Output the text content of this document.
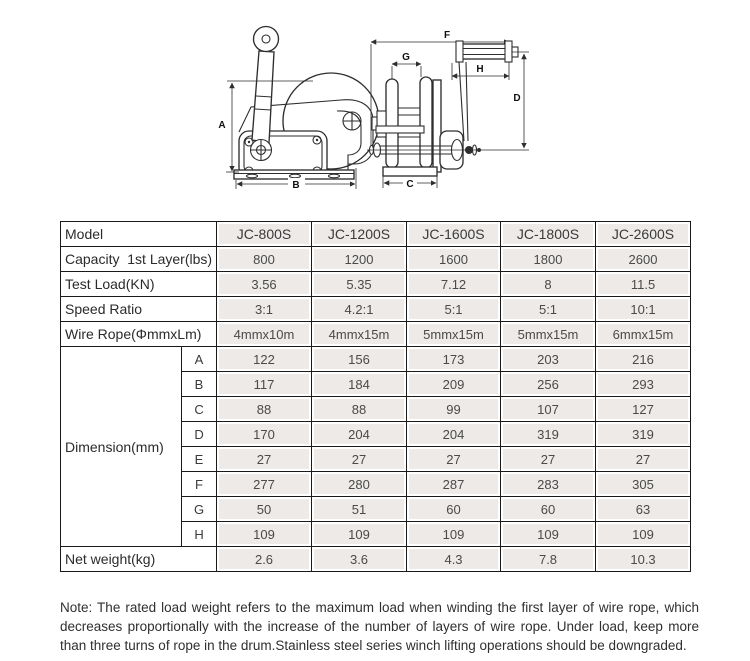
A
B
F
G
H
D
C
Model		JC-800S	JC-1200S	JC-1600S	JC-1800S	JC-2600S
Capacity  1st Layer(lbs)		800	1200	1600	1800	2600
Test Load(KN)		3.56	5.35	7.12	8	11.5
Speed Ratio		3:1	4.2:1	5:1	5:1	10:1
Wire Rope(ΦmmxLm)		4mmx10m	4mmx15m	5mmx15m	5mmx15m	6mmx15m
Dimension(mm)	A	122	156	173	203	216
	B	117	184	209	256	293
	C	88	88	99	107	127
	D	170	204	204	319	319
	E	27	27	27	27	27
	F	277	280	287	283	305
	G	50	51	60	60	63
	H	109	109	109	109	109
Net weight(kg)		2.6	3.6	4.3	7.8	10.3

Note: The rated load weight refers to the maximum load when winding the first layer of wire rope, which decreases proportionally with the increase of the number of layers of wire rope. Under load, keep more than three turns of rope in the drum.Stainless steel series winch lifting operations should be downgraded.
